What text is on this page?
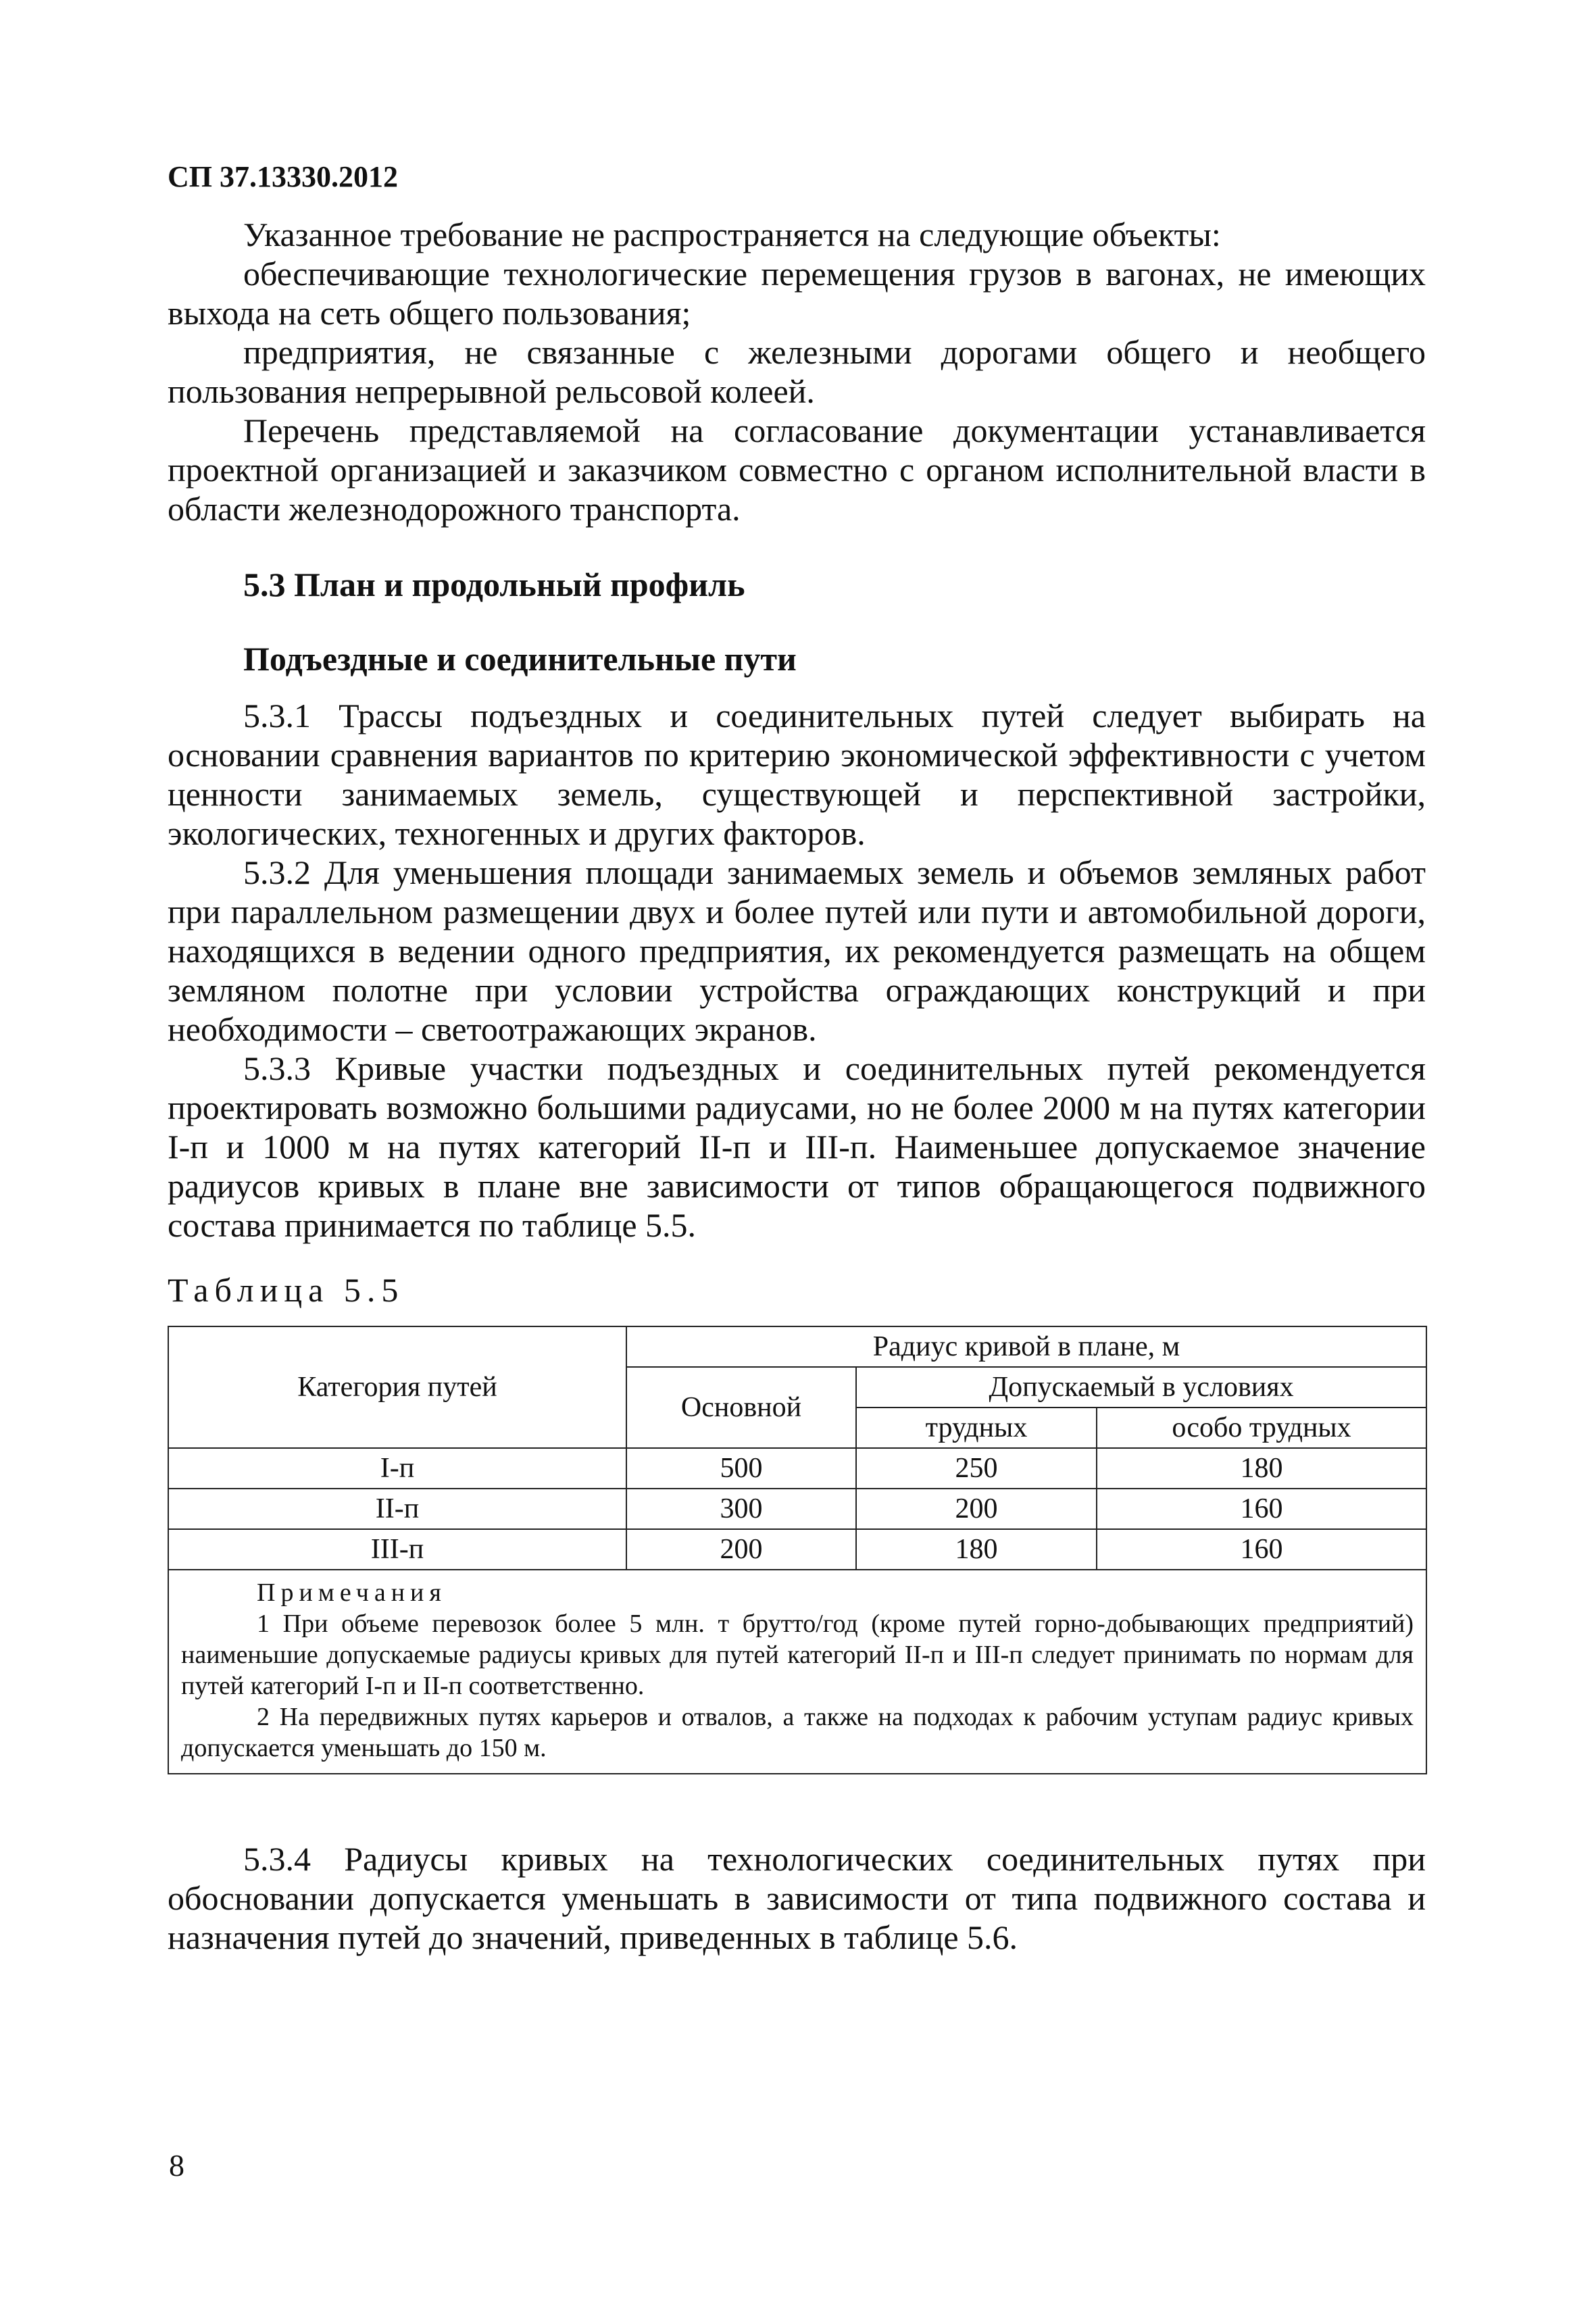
СП 37.13330.2012

Указанное требование не распространяется на следующие объекты:

обеспечивающие технологические перемещения грузов в вагонах, не имеющих выхода на сеть общего пользования;

предприятия, не связанные с железными дорогами общего и необщего пользования непрерывной рельсовой колеей.

Перечень представляемой на согласование документации устанавливается проектной организацией и заказчиком совместно с органом исполнительной власти в области железнодорожного транспорта.

5.3 План и продольный профиль
Подъездные и соединительные пути

5.3.1 Трассы подъездных и соединительных путей следует выбирать на основании сравнения вариантов по критерию экономической эффективности с учетом ценности занимаемых земель, существующей и перспективной застройки, экологических, техногенных и других факторов.

5.3.2 Для уменьшения площади занимаемых земель и объемов земляных работ при параллельном размещении двух и более путей или пути и автомобильной дороги, находящихся в ведении одного предприятия, их рекомендуется размещать на общем земляном полотне при условии устройства ограждающих конструкций и при необходимости – светоотражающих экранов.

5.3.3 Кривые участки подъездных и соединительных путей рекомендуется проектировать возможно большими радиусами, но не более 2000 м на путях категории I-п и 1000 м на путях категорий II-п и III-п. Наименьшее допускаемое значение радиусов кривых в плане вне зависимости от типов обращающегося подвижного состава принимается по таблице 5.5.

Таблица 5.5
Категория путей	Радиус кривой в плане, м		
	Основной	Допускаемый в условиях	
		трудных	особо трудных
I-п	500	250	180
II-п	300	200	160
III-п	200	180	160

Примечания

1 При объеме перевозок более 5 млн. т брутто/год (кроме путей горно-добывающих предприятий) наименьшие допускаемые радиусы кривых для путей категорий II-п и III-п следует принимать по нормам для путей категорий I-п и II-п соответственно.

2 На передвижных путях карьеров и отвалов, а также на подходах к рабочим уступам радиус кривых допускается уменьшать до 150 м.			

5.3.4 Радиусы кривых на технологических соединительных путях при обосновании допускается уменьшать в зависимости от типа подвижного состава и назначения путей до значений, приведенных в таблице 5.6.

8
